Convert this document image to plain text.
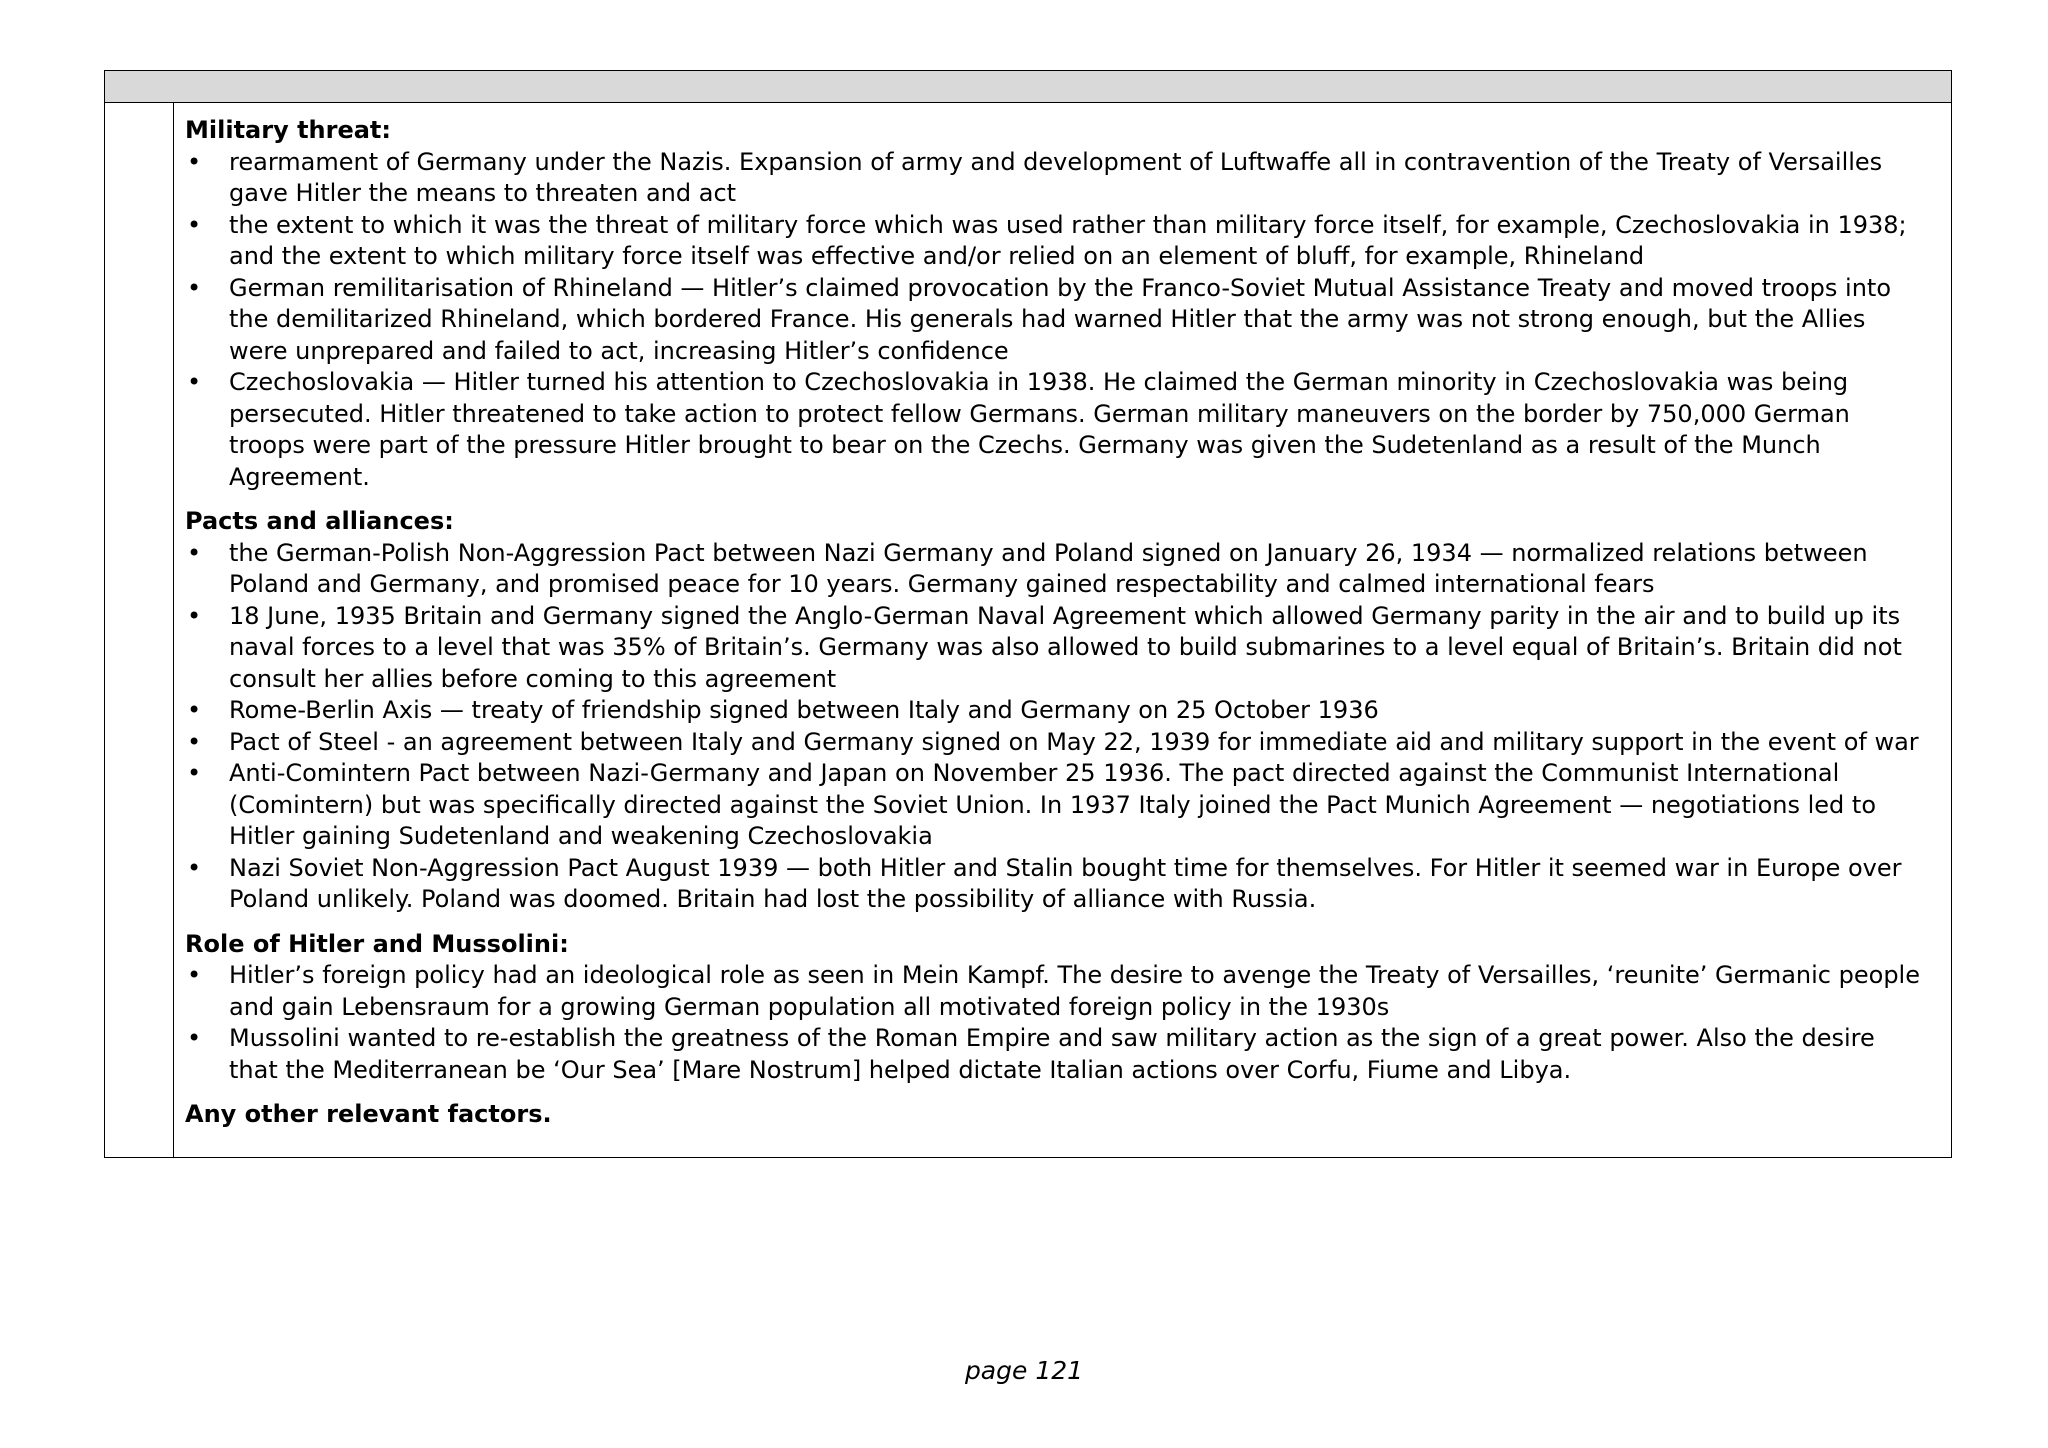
Military threat:

• rearmament of Germany under the Nazis. Expansion of army and development of Luftwaffe all in contravention of the Treaty of Versailles gave Hitler the means to threaten and act
• the extent to which it was the threat of military force which was used rather than military force itself, for example, Czechoslovakia in 1938; and the extent to which military force itself was effective and/or relied on an element of bluff, for example, Rhineland
• German remilitarisation of Rhineland — Hitler’s claimed provocation by the Franco-Soviet Mutual Assistance Treaty and moved troops into the demilitarized Rhineland, which bordered France. His generals had warned Hitler that the army was not strong enough, but the Allies were unprepared and failed to act, increasing Hitler’s confidence
• Czechoslovakia — Hitler turned his attention to Czechoslovakia in 1938. He claimed the German minority in Czechoslovakia was being persecuted. Hitler threatened to take action to protect fellow Germans. German military maneuvers on the border by 750,000 German troops were part of the pressure Hitler brought to bear on the Czechs. Germany was given the Sudetenland as a result of the Munch Agreement.

Pacts and alliances:

• the German-Polish Non-Aggression Pact between Nazi Germany and Poland signed on January 26, 1934 — normalized relations between Poland and Germany, and promised peace for 10 years. Germany gained respectability and calmed international fears
• 18 June, 1935 Britain and Germany signed the Anglo-German Naval Agreement which allowed Germany parity in the air and to build up its naval forces to a level that was 35% of Britain’s. Germany was also allowed to build submarines to a level equal of Britain’s. Britain did not consult her allies before coming to this agreement
• Rome-Berlin Axis — treaty of friendship signed between Italy and Germany on 25 October 1936
• Pact of Steel - an agreement between Italy and Germany signed on May 22, 1939 for immediate aid and military support in the event of war
• Anti-Comintern Pact between Nazi-Germany and Japan on November 25 1936. The pact directed against the Communist International (Comintern) but was specifically directed against the Soviet Union. In 1937 Italy joined the Pact Munich Agreement — negotiations led to Hitler gaining Sudetenland and weakening Czechoslovakia
• Nazi Soviet Non-Aggression Pact August 1939 — both Hitler and Stalin bought time for themselves. For Hitler it seemed war in Europe over Poland unlikely. Poland was doomed. Britain had lost the possibility of alliance with Russia.

Role of Hitler and Mussolini:

• Hitler’s foreign policy had an ideological role as seen in Mein Kampf. The desire to avenge the Treaty of Versailles, ‘reunite’ Germanic people and gain Lebensraum for a growing German population all motivated foreign policy in the 1930s
• Mussolini wanted to re-establish the greatness of the Roman Empire and saw military action as the sign of a great power. Also the desire that the Mediterranean be ‘Our Sea’ [Mare Nostrum] helped dictate Italian actions over Corfu, Fiume and Libya.

Any other relevant factors.

page 121
